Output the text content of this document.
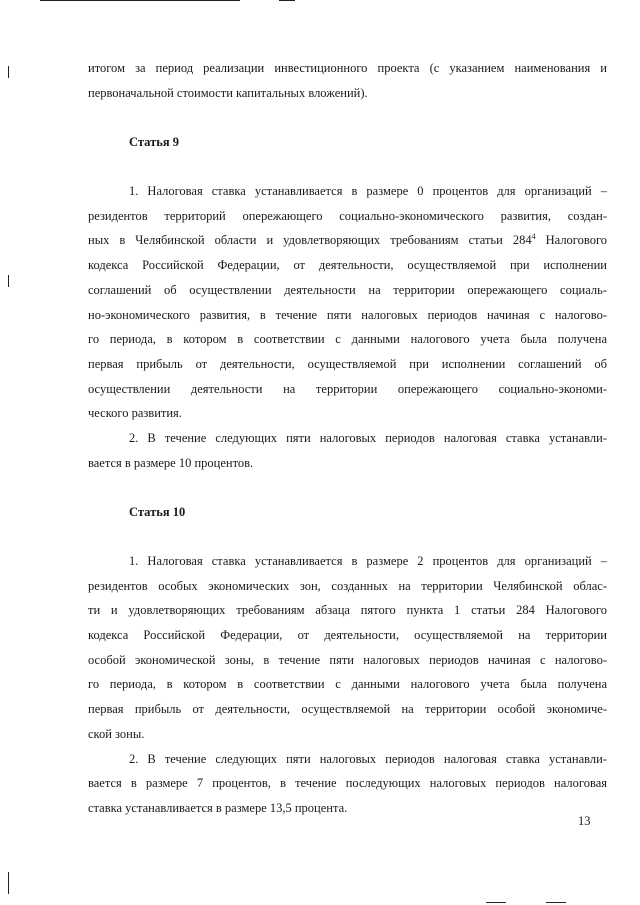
итогом за период реализации инвестиционного проекта (с указанием наименования и
первоначальной стоимости капитальных вложений).
Статья 9
1. Налоговая ставка устанавливается в размере 0 процентов для организаций –
резидентов территорий опережающего социально-экономического развития, создан-
ных в Челябинской области и удовлетворяющих требованиям статьи $284^4$ Налогового
кодекса Российской Федерации, от деятельности, осуществляемой при исполнении
соглашений об осуществлении деятельности на территории опережающего социаль-
но-экономического развития, в течение пяти налоговых периодов начиная с налогово-
го периода, в котором в соответствии с данными налогового учета была получена
первая прибыль от деятельности, осуществляемой при исполнении соглашений об
осуществлении деятельности на территории опережающего социально-экономи-
ческого развития.
2. В течение следующих пяти налоговых периодов налоговая ставка устанавли-
вается в размере 10 процентов.
Статья 10
1. Налоговая ставка устанавливается в размере 2 процентов для организаций –
резидентов особых экономических зон, созданных на территории Челябинской облас-
ти и удовлетворяющих требованиям абзаца пятого пункта 1 статьи 284 Налогового
кодекса Российской Федерации, от деятельности, осуществляемой на территории
особой экономической зоны, в течение пяти налоговых периодов начиная с налогово-
го периода, в котором в соответствии с данными налогового учета была получена
первая прибыль от деятельности, осуществляемой на территории особой экономиче-
ской зоны.
2. В течение следующих пяти налоговых периодов налоговая ставка устанавли-
вается в размере 7 процентов, в течение последующих налоговых периодов налоговая
ставка устанавливается в размере 13,5 процента.
13
